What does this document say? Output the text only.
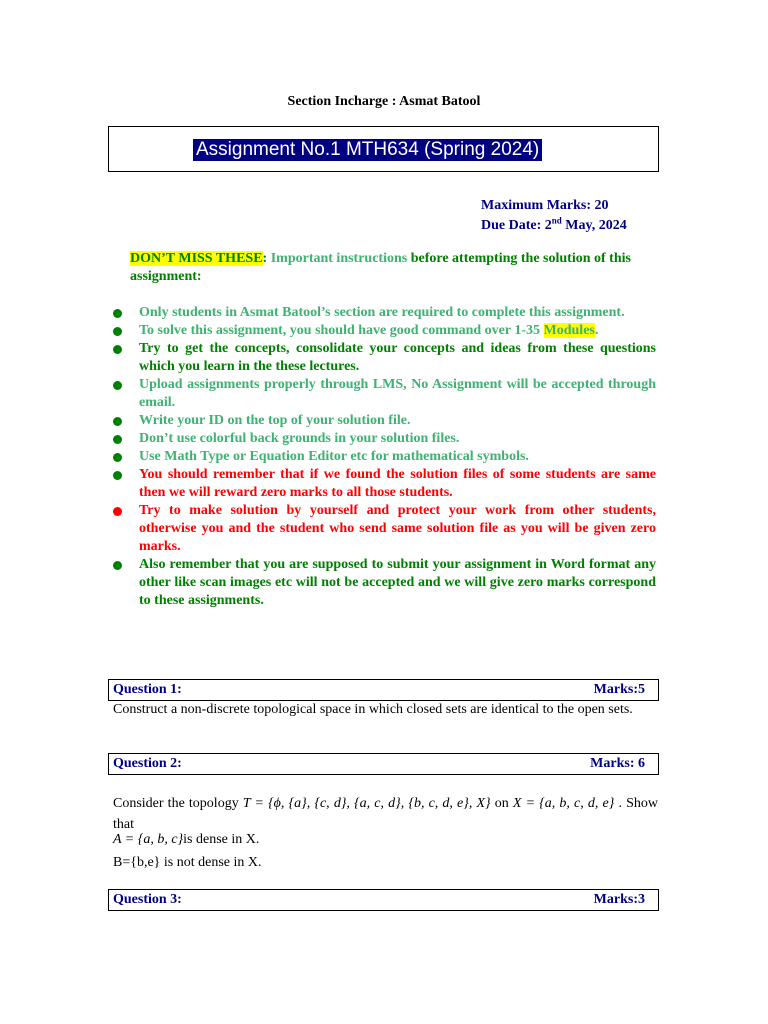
Section Incharge : Asmat Batool
Assignment No.1 MTH634 (Spring 2024)
Maximum Marks: 20
Due Date: 2nd May, 2024
DON’T MISS THESE: Important instructions before attempting the solution of this assignment:
Only students in Asmat Batool’s section are required to complete this assignment.
To solve this assignment, you should have good command over 1-35 Modules.
Try to get the concepts, consolidate your concepts and ideas from these questions which you learn in the these lectures.
Upload assignments properly through LMS, No Assignment will be accepted through email.
Write your ID on the top of your solution file.
Don’t use colorful back grounds in your solution files.
Use Math Type or Equation Editor etc for mathematical symbols.
You should remember that if we found the solution files of some students are same then we will reward zero marks to all those students.
Try to make solution by yourself and protect your work from other students, otherwise you and the student who send same solution file as you will be given zero marks.
Also remember that you are supposed to submit your assignment in Word format any other like scan images etc will not be accepted and we will give zero marks correspond to these assignments.
Question 1:	Marks:5
Construct a non-discrete topological space in which closed sets are identical to the open sets.
Question 2:	Marks: 6
Consider the topology T = {ϕ, {a}, {c, d}, {a, c, d}, {b, c, d, e}, X} on X = {a, b, c, d, e} . Show that
A = {a, b, c}is dense in X.
B={b,e} is not dense in X.
Question 3:	Marks:3
